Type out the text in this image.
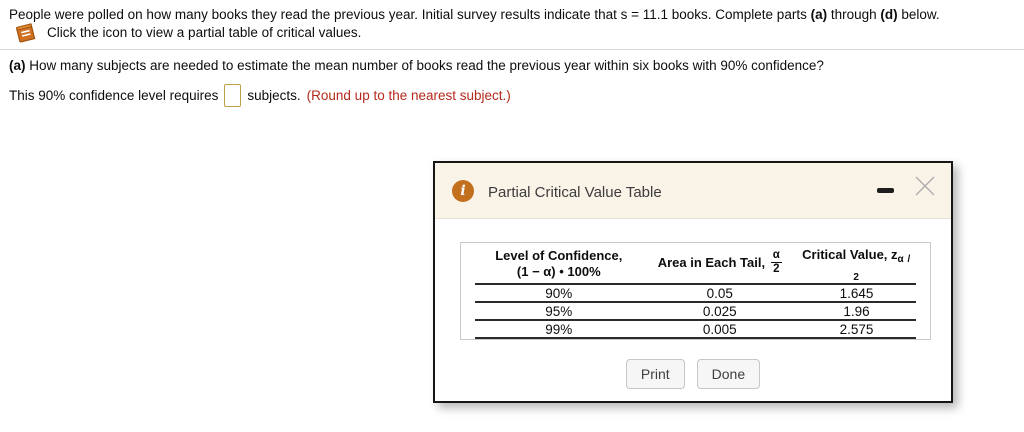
People were polled on how many books they read the previous year. Initial survey results indicate that s = 11.1 books. Complete parts (a) through (d) below.
Click the icon to view a partial table of critical values.
(a) How many subjects are needed to estimate the mean number of books read the previous year within six books with 90% confidence?
This 90% confidence level requires subjects. (Round up to the nearest subject.)
i	Partial Critical Value Table
Level of Confidence,
(1 − α) • 100%	Area in Each Tail, $\frac{\alpha}{2}$	Critical Value, $z_{\alpha / 2}$
90%	0.05	1.645
95%	0.025	1.96
99%	0.005	2.575
Print	Done
